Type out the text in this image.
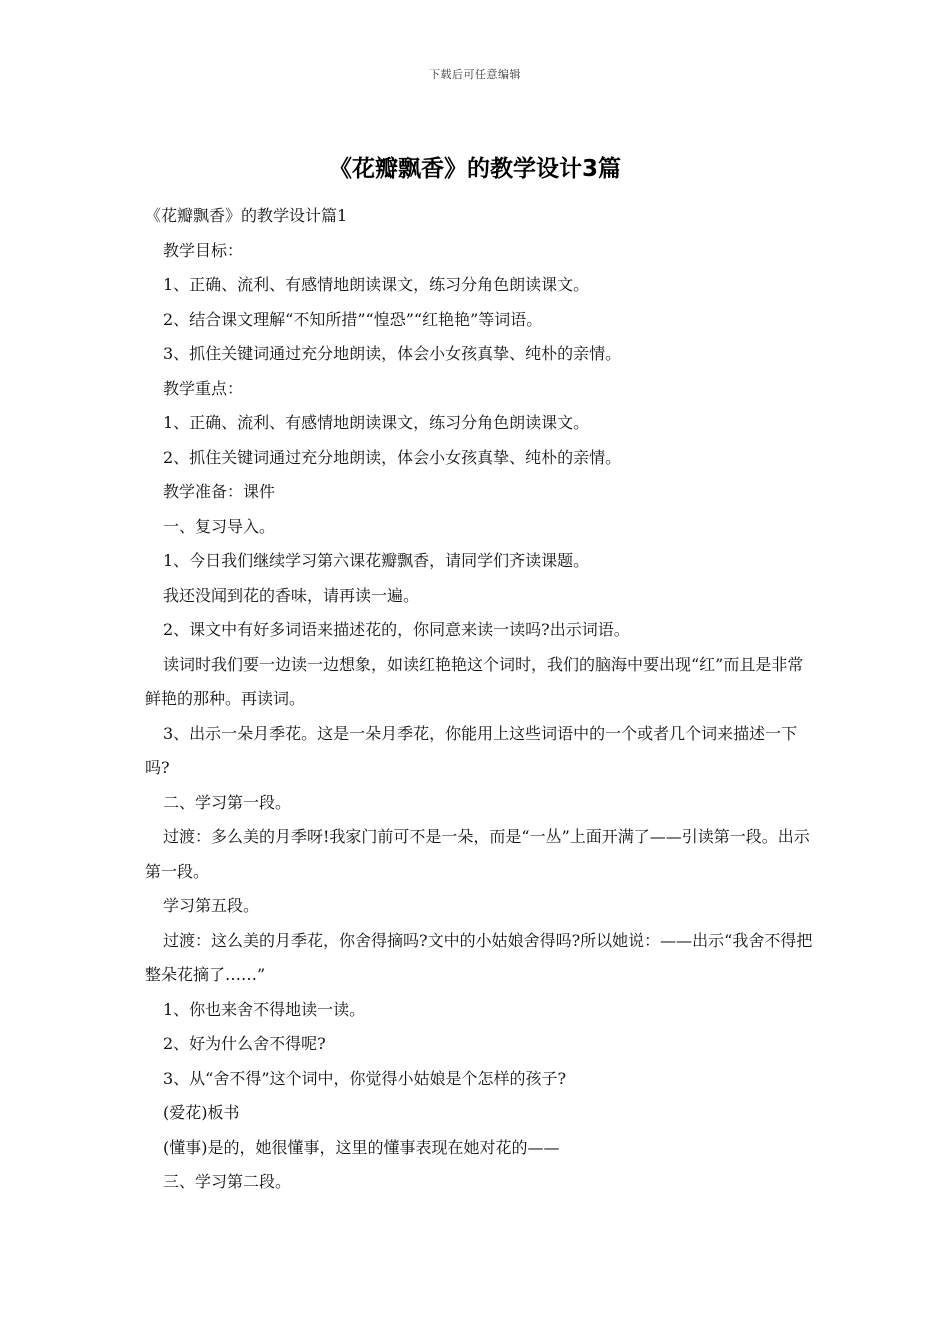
下载后可任意编辑
《花瓣飘香》的教学设计3篇

《花瓣飘香》的教学设计篇1

教学目标：

1、正确、流利、有感情地朗读课文，练习分角色朗读课文。

2、结合课文理解“不知所措”“惶恐”“红艳艳”等词语。

3、抓住关键词通过充分地朗读，体会小女孩真挚、纯朴的亲情。

教学重点：

1、正确、流利、有感情地朗读课文，练习分角色朗读课文。

2、抓住关键词通过充分地朗读，体会小女孩真挚、纯朴的亲情。

教学准备：课件

一、复习导入。

1、今日我们继续学习第六课花瓣飘香，请同学们齐读课题。

我还没闻到花的香味，请再读一遍。

2、课文中有好多词语来描述花的，你同意来读一读吗?出示词语。

读词时我们要一边读一边想象，如读红艳艳这个词时，我们的脑海中要出现“红”而且是非常鲜艳的那种。再读词。

3、出示一朵月季花。这是一朵月季花，你能用上这些词语中的一个或者几个词来描述一下吗?

二、学习第一段。

过渡：多么美的月季呀!我家门前可不是一朵，而是“一丛”上面开满了——引读第一段。出示第一段。

学习第五段。

过渡：这么美的月季花，你舍得摘吗?文中的小姑娘舍得吗?所以她说：——出示“我舍不得把整朵花摘了……”

1、你也来舍不得地读一读。

2、好为什么舍不得呢?

3、从“舍不得”这个词中，你觉得小姑娘是个怎样的孩子?

(爱花)板书

(懂事)是的，她很懂事，这里的懂事表现在她对花的——

三、学习第二段。
